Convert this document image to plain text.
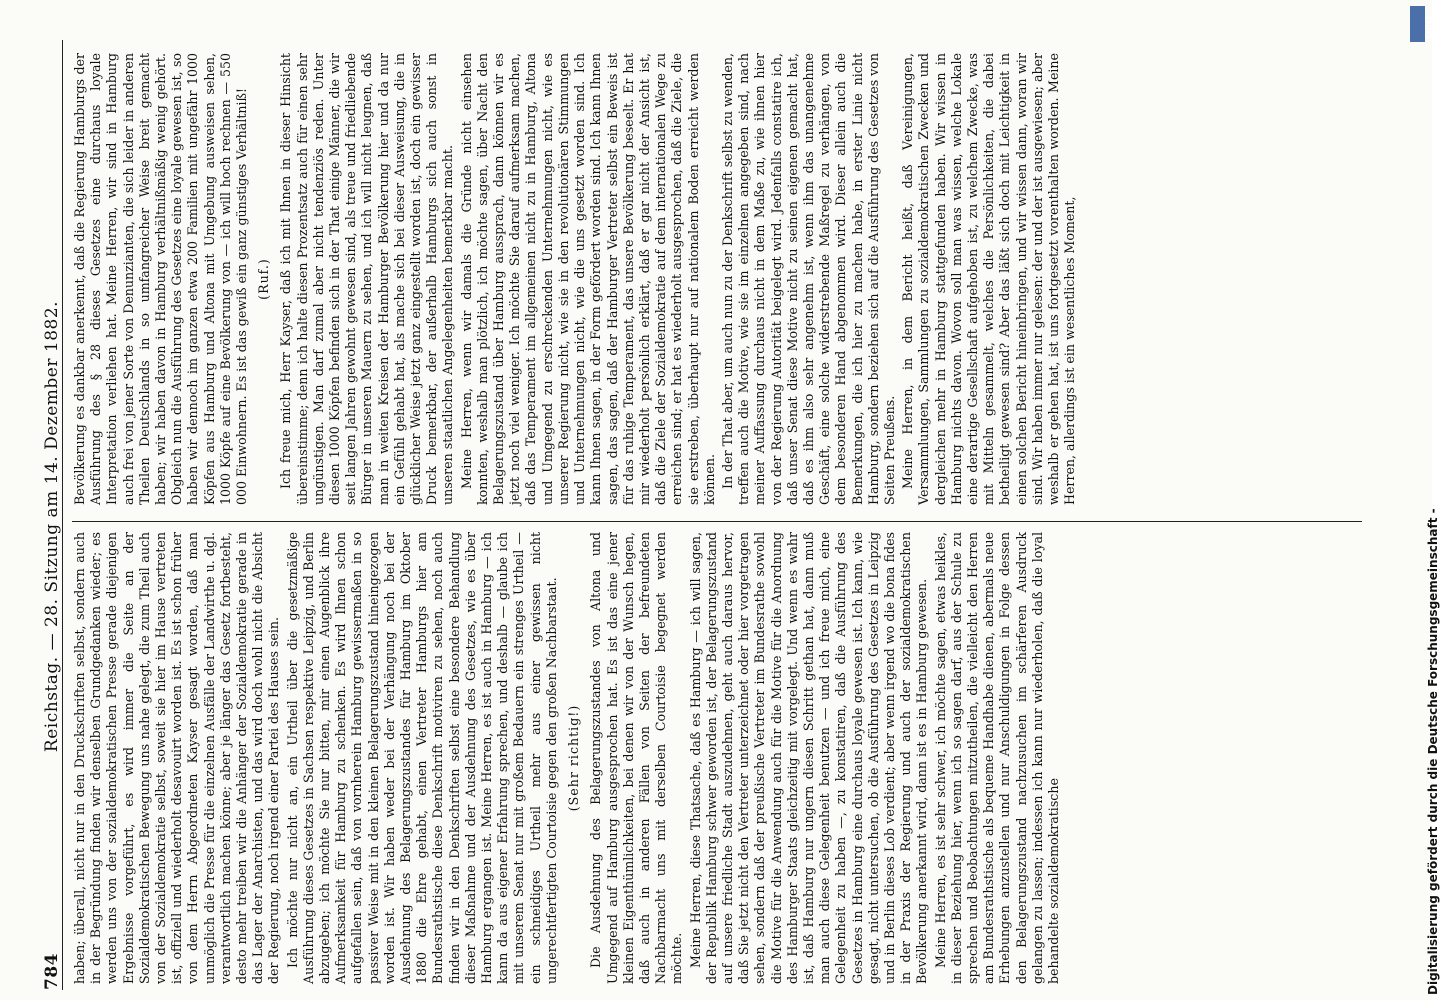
784
Reichstag. — 28. Sitzung am 14. Dezember 1882.

haben; überall, nicht nur in den Druckschriften selbst, sondern auch in der Begründung finden wir denselben Grundgedanken wieder; es werden uns von der sozialdemokratischen Presse gerade diejenigen Ergebnisse vorgeführt, es wird immer die Seite an der Sozialdemokratischen Bewegung uns nahe gelegt, die zum Theil auch von der Sozialdemokratie selbst, soweit sie hier im Hause vertreten ist, offiziell und wiederholt desavouirt worden ist. Es ist schon früher von dem Herrn Abgeordneten Kayser gesagt worden, daß man unmöglich die Presse für die einzelnen Ausfälle der Landwirthe u. dgl. verantwortlich machen könne; aber je länger das Gesetz fortbesteht, desto mehr treiben wir die Anhänger der Sozialdemokratie gerade in das Lager der Anarchisten, und das wird doch wohl nicht die Absicht der Regierung, noch irgend einer Partei des Hauses sein. Ich möchte nur nicht an, ein Urtheil über die gesetzmäßige Ausführung dieses Gesetzes in Sachsen respektive Leipzig, und Berlin abzugeben; ich möchte Sie nur bitten, mir einen Augenblick ihre Aufmerksamkeit für Hamburg zu schenken. Es wird Ihnen schon aufgefallen sein, daß von vornherein Hamburg gewissermaßen in so passiver Weise mit in den kleinen Belagerungszustand hineingezogen worden ist. Wir haben weder bei der Verhängung noch bei der Ausdehnung des Belagerungszustandes für Hamburg im Oktober 1880 die Ehre gehabt, einen Vertreter Hamburgs hier am Bundesrathstische diese Denkschrift motiviren zu sehen, noch auch finden wir in den Denkschriften selbst eine besondere Behandlung dieser Maßnahme und der Ausdehnung des Gesetzes, wie es über Hamburg ergangen ist. Meine Herren, es ist auch in Hamburg — ich kann da aus eigener Erfahrung sprechen, und deshalb — glaube ich mit unserem Senat nur mit großem Bedauern ein strenges Urtheil — ein schneidiges Urtheil mehr aus einer gewissen nicht ungerechtfertigten Courtoisie gegen den großen Nachbarstaat. (Sehr richtig!) Die Ausdehnung des Belagerungszustandes von Altona und Umgegend auf Hamburg ausgesprochen hat. Es ist das eine jener kleinen Eigenthümlichkeiten, bei denen wir von der Wunsch hegen, daß auch in anderen Fällen von Seiten der befreundeten Nachbarmacht uns mit derselben Courtoisie begegnet werden möchte. Meine Herren, diese Thatsache, daß es Hamburg — ich will sagen, der Republik Hamburg schwer geworden ist, der Belagerungszustand auf unsere friedliche Stadt auszudehnen, geht auch daraus hervor, daß Sie jetzt nicht den Vertreter unterzeichnet oder hier vorgetragen sehen, sondern daß der preußische Vertreter im Bundesrathe sowohl die Motive für die Anwendung auch für die Motive für die Anordnung des Hamburger Staats gleichzeitig mit vorgelegt. Und wenn es wahr ist, daß Hamburg nur ungern diesen Schritt gethan hat, dann muß man auch diese Gelegenheit benutzen — und ich freue mich, eine Gelegenheit zu haben —, zu konstatiren, daß die Ausführung des Gesetzes in Hamburg eine durchaus loyale gewesen ist. Ich kann, wie gesagt, nicht untersuchen, ob die Ausführung des Gesetzes in Leipzig und in Berlin dieses Lob verdient; aber wenn irgend wo die bona fides in der Praxis der Regierung und auch der sozialdemokratischen Bevölkerung anerkannt wird, dann ist es in Hamburg gewesen. Meine Herren, es ist sehr schwer, ich möchte sagen, etwas heikles, in dieser Beziehung hier, wenn ich so sagen darf, aus der Schule zu sprechen und Beobachtungen mitzutheilen, die vielleicht den Herren am Bundesrathstische als bequeme Handhabe dienen, abermals neue Erhebungen anzustellen und nur Anschuldigungen in Folge dessen den Belagerungszustand nachzusuchen im schärferen Ausdruck gelangen zu lassen; indessen ich kann nur wiederholen, daß die loyal behandelte sozialdemokratische

Bevölkerung es dankbar anerkennt, daß die Regierung Hamburgs der Ausführung des § 28 dieses Gesetzes eine durchaus loyale Interpretation verliehen hat. Meine Herren, wir sind in Hamburg auch frei von jener Sorte von Denunzianten, die sich leider in anderen Theilen Deutschlands in so umfangreicher Weise breit gemacht haben; wir haben davon in Hamburg verhältnißmäßig wenig gehört. Obgleich nun die Ausführung des Gesetzes eine loyale gewesen ist, so haben wir dennoch im ganzen etwa 200 Familien mit ungefähr 1000 Köpfen aus Hamburg und Altona mit Umgebung ausweisen sehen, 1000 Köpfe auf eine Bevölkerung von — ich will hoch rechnen — 550 000 Einwohnern. Es ist das gewiß ein ganz günstiges Verhältniß! (Ruf.) Ich freue mich, Herr Kayser, daß ich mit Ihnen in dieser Hinsicht übereinstimme; denn ich halte diesen Prozentsatz auch für einen sehr ungünstigen. Man darf zumal aber nicht tendenziös reden. Unter diesen 1000 Köpfen befinden sich in der That einige Männer, die wir seit langen Jahren gewohnt gewesen sind, als treue und friedliebende Bürger in unseren Mauern zu sehen, und ich will nicht leugnen, daß man in weiten Kreisen der Hamburger Bevölkerung hier und da nur ein Gefühl gehabt hat, als mache sich bei dieser Ausweisung, die in glücklicher Weise jetzt ganz eingestellt worden ist, doch ein gewisser Druck bemerkbar, der außerhalb Hamburgs sich auch sonst in unseren staatlichen Angelegenheiten bemerkbar macht. Meine Herren, wenn wir damals die Gründe nicht einsehen konnten, weshalb man plötzlich, ich möchte sagen, über Nacht den Belagerungszustand über Hamburg aussprach, dann können wir es jetzt noch viel weniger. Ich möchte Sie darauf aufmerksam machen, daß das Temperament im allgemeinen nicht zu in Hamburg, Altona und Umgegend zu erschreckenden Unternehmungen nicht, wie es unserer Regierung nicht, wie sie in den revolutionären Stimmungen und Unternehmungen nicht, wie die uns gesetzt worden sind. Ich kann Ihnen sagen, in der Form gefördert worden sind. Ich kann Ihnen sagen, das sagen, daß der Hamburger Vertreter selbst ein Beweis ist für das ruhige Temperament, das unsere Bevölkerung beseelt. Er hat mir wiederholt persönlich erklärt, daß er gar nicht der Ansicht ist, daß die Ziele der Sozialdemokratie auf dem internationalen Wege zu erreichen sind; er hat es wiederholt ausgesprochen, daß die Ziele, die sie erstreben, überhaupt nur auf nationalem Boden erreicht werden können. In der That aber, um auch nun zu der Denkschrift selbst zu wenden, treffen auch die Motive, wie sie im einzelnen angegeben sind, nach meiner Auffassung durchaus nicht in dem Maße zu, wie ihnen hier von der Regierung Autorität beigelegt wird. Jedenfalls constatire ich, daß unser Senat diese Motive nicht zu seinen eigenen gemacht hat, daß es ihm also sehr angenehm ist, wenn ihm das unangenehme Geschäft, eine solche widerstrebende Maßregel zu verhängen, von dem besonderen Hand abgenommen wird. Dieser allein auch die Bemerkungen, die ich hier zu machen habe, in erster Linie nicht Hamburg, sondern beziehen sich auf die Ausführung des Gesetzes von Seiten Preußens. Meine Herren, in dem Bericht heißt, daß Vereinigungen, Versammlungen, Sammlungen zu sozialdemokratischen Zwecken und dergleichen mehr in Hamburg stattgefunden haben. Wir wissen in Hamburg nichts davon. Wovon soll man was wissen, welche Lokale eine derartige Gesellschaft aufgehoben ist, zu welchem Zwecke, was mit Mitteln gesammelt, welches die Persönlichkeiten, die dabei betheiligt gewesen sind? Aber das läßt sich doch mit Leichtigkeit in einen solchen Bericht hineinbringen, und wir wissen dann, woran wir sind. Wir haben immer nur gelesen: der und der ist ausgewiesen; aber weshalb er gehen hat, ist uns fortgesetzt vorenthalten worden. Meine Herren, allerdings ist ein wesentliches Moment,

DFG
Digitalisierung gefördert durch die Deutsche Forschungsgemeinschaft -
